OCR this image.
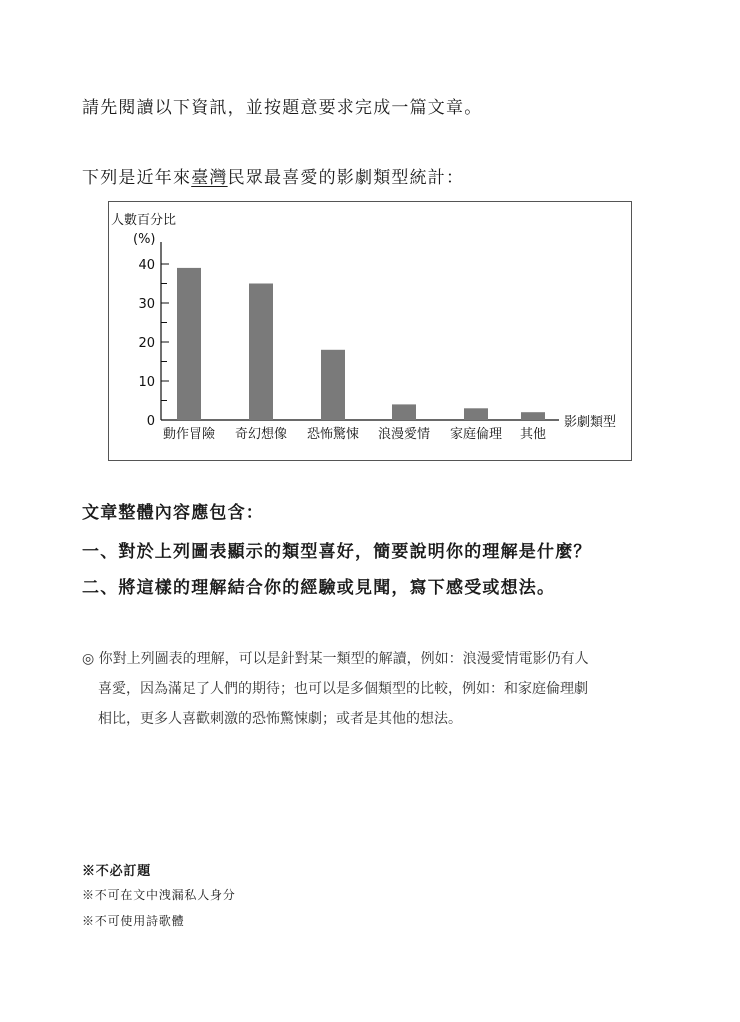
請先閱讀以下資訊，並按題意要求完成一篇文章。
下列是近年來臺灣民眾最喜愛的影劇類型統計：
人數百分比
(%)
影劇類型
0
10
20
30
40
動作冒險 奇幻想像 恐怖驚悚 浪漫愛情 家庭倫理 其他
文章整體內容應包含：
一、對於上列圖表顯示的類型喜好，簡要說明你的理解是什麼？
二、將這樣的理解結合你的經驗或見聞，寫下感受或想法。
◎ 你對上列圖表的理解，可以是針對某一類型的解讀，例如：浪漫愛情電影仍有人
喜愛，因為滿足了人們的期待；也可以是多個類型的比較，例如：和家庭倫理劇
相比，更多人喜歡刺激的恐怖驚悚劇；或者是其他的想法。
※不必訂題
※不可在文中洩漏私人身分
※不可使用詩歌體
